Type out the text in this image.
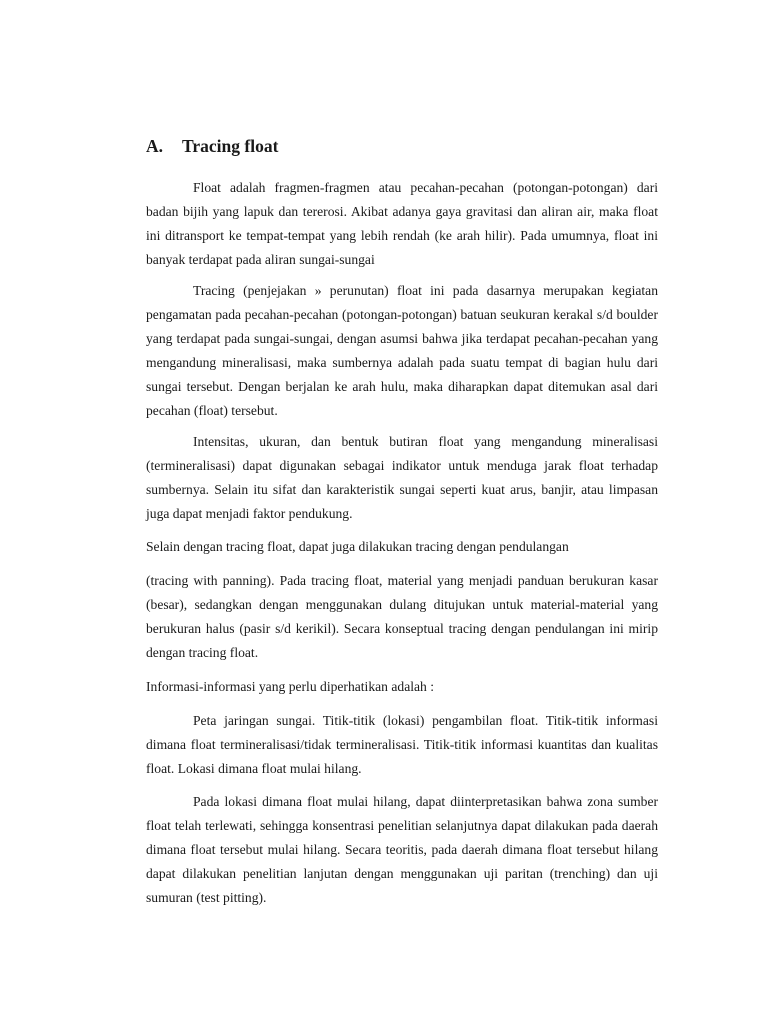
A. Tracing float

Float adalah fragmen-fragmen atau pecahan-pecahan (potongan-potongan) dari badan bijih yang lapuk dan tererosi. Akibat adanya gaya gravitasi dan aliran air, maka float ini ditransport ke tempat-tempat yang lebih rendah (ke arah hilir). Pada umumnya, float ini banyak terdapat pada aliran sungai-sungai

Tracing (penjejakan » perunutan) float ini pada dasarnya merupakan kegiatan pengamatan pada pecahan-pecahan (potongan-potongan) batuan seukuran kerakal s/d boulder yang terdapat pada sungai-sungai, dengan asumsi bahwa jika terdapat pecahan-pecahan yang mengandung mineralisasi, maka sumbernya adalah pada suatu tempat di bagian hulu dari sungai tersebut. Dengan berjalan ke arah hulu, maka diharapkan dapat ditemukan asal dari pecahan (float) tersebut.

Intensitas, ukuran, dan bentuk butiran float yang mengandung mineralisasi (termineralisasi) dapat digunakan sebagai indikator untuk menduga jarak float terhadap sumbernya. Selain itu sifat dan karakteristik sungai seperti kuat arus, banjir, atau limpasan juga dapat menjadi faktor pendukung.

Selain dengan tracing float, dapat juga dilakukan tracing dengan pendulangan

(tracing with panning). Pada tracing float, material yang menjadi panduan berukuran kasar (besar), sedangkan dengan menggunakan dulang ditujukan untuk material-material yang berukuran halus (pasir s/d kerikil). Secara konseptual tracing dengan pendulangan ini mirip dengan tracing float.

Informasi-informasi yang perlu diperhatikan adalah :

Peta jaringan sungai. Titik-titik (lokasi) pengambilan float. Titik-titik informasi dimana float termineralisasi/tidak termineralisasi. Titik-titik informasi kuantitas dan kualitas float. Lokasi dimana float mulai hilang.

Pada lokasi dimana float mulai hilang, dapat diinterpretasikan bahwa zona sumber float telah terlewati, sehingga konsentrasi penelitian selanjutnya dapat dilakukan pada daerah dimana float tersebut mulai hilang. Secara teoritis, pada daerah dimana float tersebut hilang dapat dilakukan penelitian lanjutan dengan menggunakan uji paritan (trenching) dan uji sumuran (test pitting).
